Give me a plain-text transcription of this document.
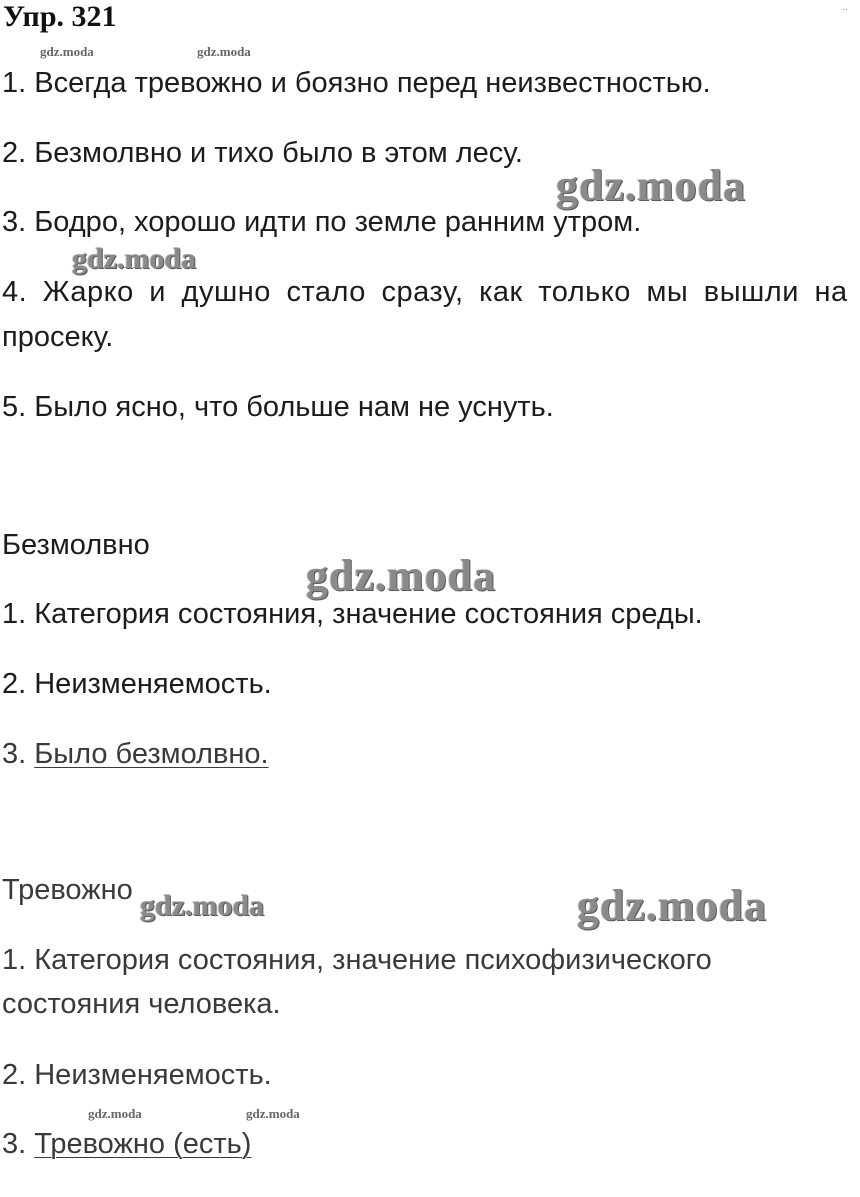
Упр. 321	..
gdz.moda	gdz.moda
1. Всегда тревожно и боязно перед неизвестностью.
2. Безмолвно и тихо было в этом лесу.
gdz.moda
3. Бодро, хорошо идти по земле ранним утром.
gdz.moda
4. Жарко и душно стало сразу, как только мы вышли на
просеку.
5. Было ясно, что больше нам не уснуть.
Безмолвно
gdz.moda
1. Категория состояния, значение состояния среды.
2. Неизменяемость.
3. Было безмолвно.
Тревожно gdz.moda	gdz.moda
1. Категория состояния, значение психофизического
состояния человека.
2. Неизменяемость.
gdz.moda	gdz.moda
3. Тревожно (есть)
